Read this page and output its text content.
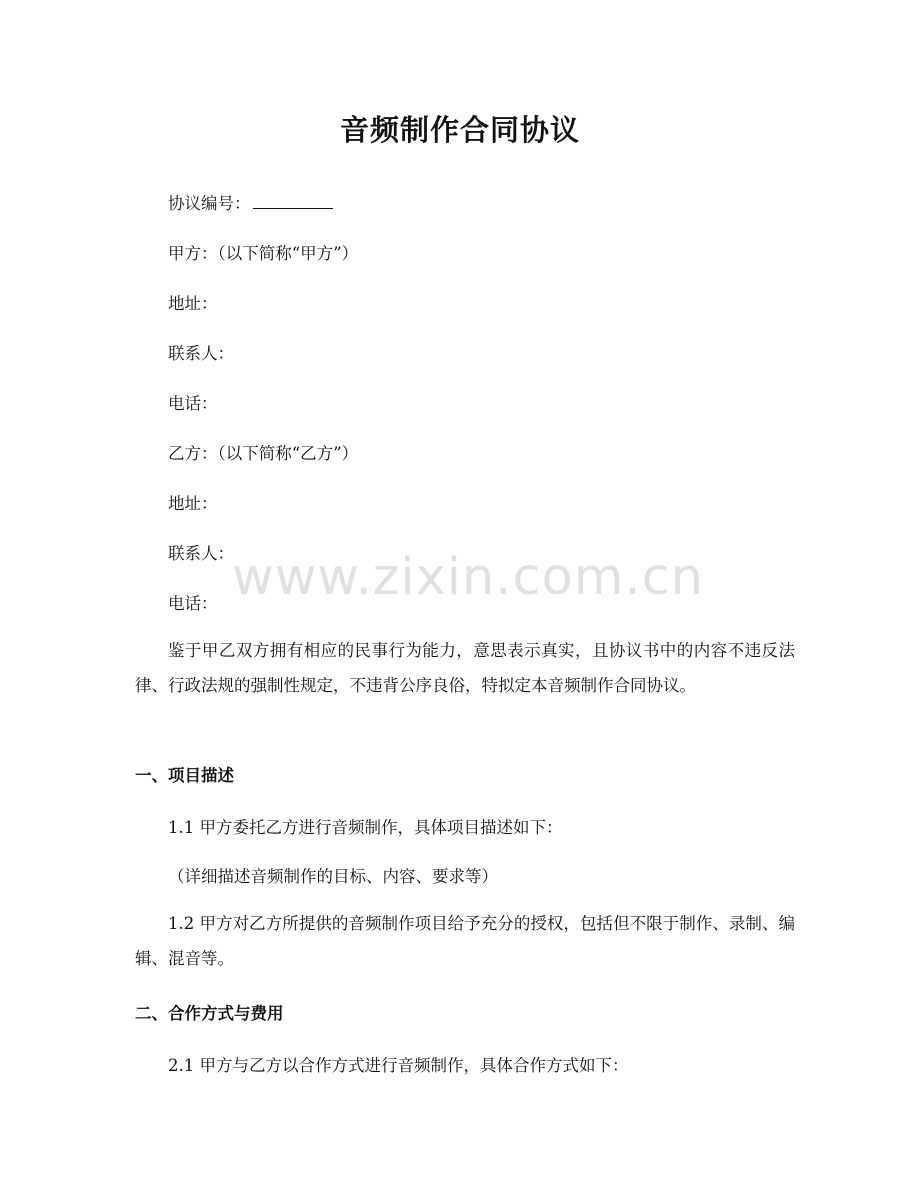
www.zixin.com.cn
音频制作合同协议
协议编号：
甲方：（以下简称“甲方”）
地址：
联系人：
电话：
乙方：（以下简称“乙方”）
地址：
联系人：
电话：
鉴于甲乙双方拥有相应的民事行为能力，意思表示真实，且协议书中的内容不违反法律、行政法规的强制性规定，不违背公序良俗，特拟定本音频制作合同协议。
一、项目描述
1.1 甲方委托乙方进行音频制作，具体项目描述如下：
（详细描述音频制作的目标、内容、要求等）
1.2 甲方对乙方所提供的音频制作项目给予充分的授权，包括但不限于制作、录制、编辑、混音等。
二、合作方式与费用
2.1 甲方与乙方以合作方式进行音频制作，具体合作方式如下：
